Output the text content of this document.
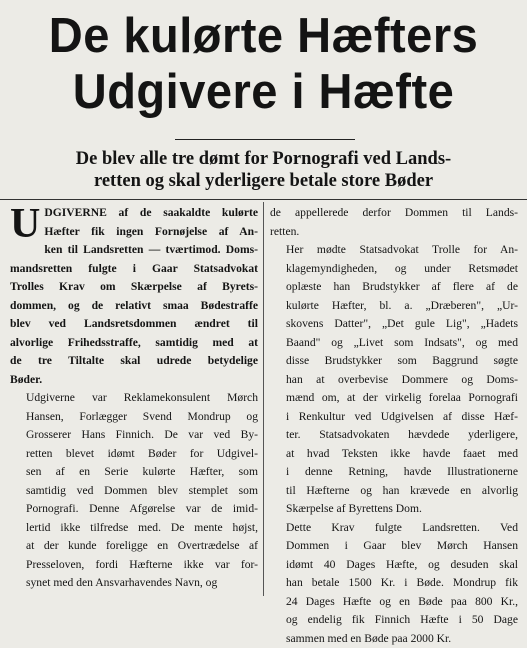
De kulørte Hæfters
Udgivere i Hæfte
De blev alle tre dømt for Pornografi ved Lands-
retten og skal yderligere betale store Bøder

U DGIVERNE af de saakaldte kulørte
Hæfter fik ingen Fornøjelse af An-
ken til Landsretten — tværtimod. Doms-
mandsretten fulgte i Gaar Statsadvokat
Trolles Krav om Skærpelse af Byrets-
dommen, og de relativt smaa Bødestraffe
blev ved Landsretsdommen ændret til
alvorlige Frihedsstraffe, samtidig med at
de tre Tiltalte skal udrede betydelige
Bøder.

Udgiverne var Reklamekonsulent Mørch
Hansen, Forlægger Svend Mondrup og
Grosserer Hans Finnich. De var ved By-
retten blevet idømt Bøder for Udgivel-
sen af en Serie kulørte Hæfter, som
samtidig ved Dommen blev stemplet som
Pornografi. Denne Afgørelse var de imid-
lertid ikke tilfredse med. De mente højst,
at der kunde foreligge en Overtrædelse af
Presseloven, fordi Hæfterne ikke var for-
synet med den Ansvarhavendes Navn, og

de appellerede derfor Dommen til Lands-
retten.

Her mødte Statsadvokat Trolle for An-
klagemyndigheden, og under Retsmødet
oplæste han Brudstykker af flere af de
kulørte Hæfter, bl. a. „Dræberen", „Ur-
skovens Datter", „Det gule Lig", „Hadets
Baand" og „Livet som Indsats", og med
disse Brudstykker som Baggrund søgte
han at overbevise Dommere og Doms-
mænd om, at der virkelig forelaa Pornografi
i Renkultur ved Udgivelsen af disse Hæf-
ter. Statsadvokaten hævdede yderligere,
at hvad Teksten ikke havde faaet med
i denne Retning, havde Illustrationerne
til Hæfterne og han krævede en alvorlig
Skærpelse af Byrettens Dom.

Dette Krav fulgte Landsretten. Ved
Dommen i Gaar blev Mørch Hansen
idømt 40 Dages Hæfte, og desuden skal
han betale 1500 Kr. i Bøde. Mondrup fik
24 Dages Hæfte og en Bøde paa 800 Kr.,
og endelig fik Finnich Hæfte i 50 Dage
sammen med en Bøde paa 2000 Kr.
